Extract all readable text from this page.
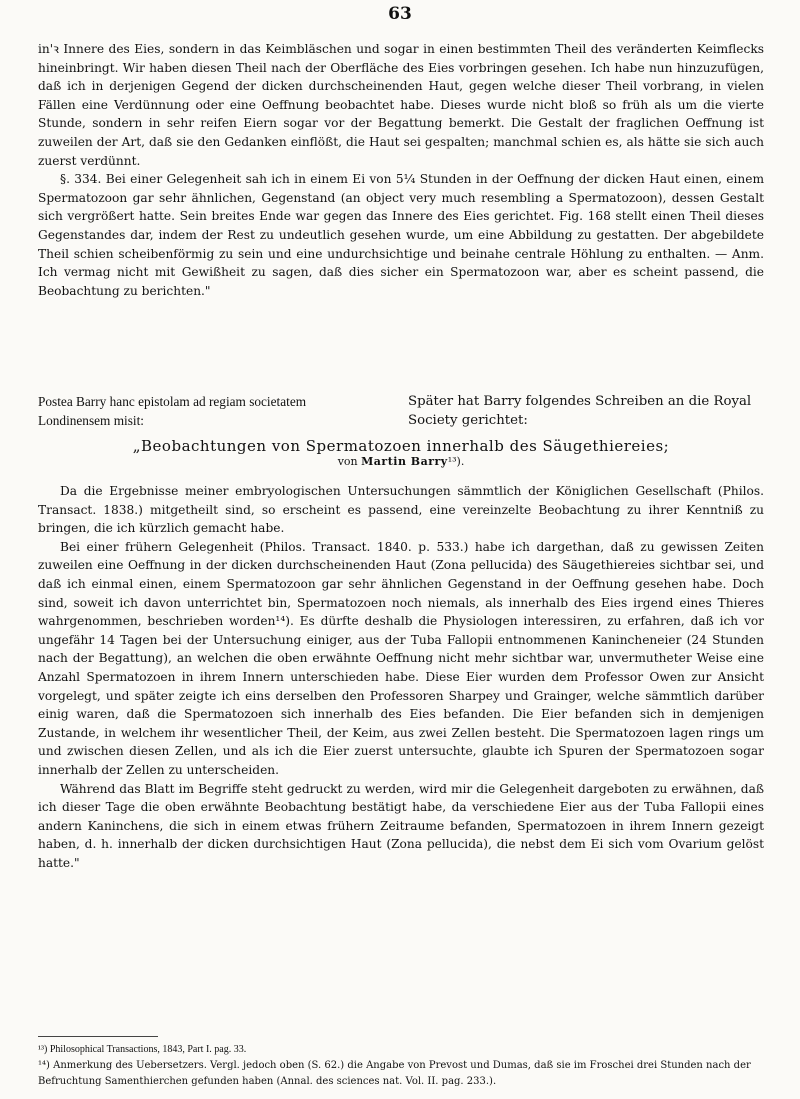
63

in'ꝛ Innere des Eies, sondern in das Keimbläschen und sogar in einen bestimmten Theil des veränderten Keimflecks hineinbringt. Wir haben diesen Theil nach der Oberfläche des Eies vorbringen gesehen. Ich habe nun hinzuzufügen, daß ich in derjenigen Gegend der dicken durchscheinenden Haut, gegen welche dieser Theil vorbrang, in vielen Fällen eine Verdünnung oder eine Oeffnung beobachtet habe. Dieses wurde nicht bloß so früh als um die vierte Stunde, sondern in sehr reifen Eiern sogar vor der Begattung bemerkt. Die Gestalt der fraglichen Oeffnung ist zuweilen der Art, daß sie den Gedanken einflößt, die Haut sei gespalten; manchmal schien es, als hätte sie sich auch zuerst verdünnt.

§. 334. Bei einer Gelegenheit sah ich in einem Ei von 5¼ Stunden in der Oeffnung der dicken Haut einen, einem Spermatozoon gar sehr ähnlichen, Gegenstand (an object very much resembling a Spermatozoon), dessen Gestalt sich vergrößert hatte. Sein breites Ende war gegen das Innere des Eies gerichtet. Fig. 168 stellt einen Theil dieses Gegenstandes dar, indem der Rest zu undeutlich gesehen wurde, um eine Abbildung zu gestatten. Der abgebildete Theil schien scheibenförmig zu sein und eine undurchsichtige und beinahe centrale Höhlung zu enthalten. — Anm. Ich vermag nicht mit Gewißheit zu sagen, daß dies sicher ein Spermatozoon war, aber es scheint passend, die Beobachtung zu berichten."

Postea Barry hanc epistolam ad regiam societatem Londinensem misit:
Später hat Barry folgendes Schreiben an die Royal Society gerichtet:
„Beobachtungen von Spermatozoen innerhalb des Säugethiereies;
von Martin Barry¹³).

Da die Ergebnisse meiner embryologischen Untersuchungen sämmtlich der Königlichen Gesellschaft (Philos. Transact. 1838.) mitgetheilt sind, so erscheint es passend, eine vereinzelte Beobachtung zu ihrer Kenntniß zu bringen, die ich kürzlich gemacht habe.

Bei einer frühern Gelegenheit (Philos. Transact. 1840. p. 533.) habe ich dargethan, daß zu gewissen Zeiten zuweilen eine Oeffnung in der dicken durchscheinenden Haut (Zona pellucida) des Säugethiereies sichtbar sei, und daß ich einmal einen, einem Spermatozoon gar sehr ähnlichen Gegenstand in der Oeffnung gesehen habe. Doch sind, soweit ich davon unterrichtet bin, Spermatozoen noch niemals, als innerhalb des Eies irgend eines Thieres wahrgenommen, beschrieben worden¹⁴). Es dürfte deshalb die Physiologen interessiren, zu erfahren, daß ich vor ungefähr 14 Tagen bei der Untersuchung einiger, aus der Tuba Fallopii entnommenen Kanincheneier (24 Stunden nach der Begattung), an welchen die oben erwähnte Oeffnung nicht mehr sichtbar war, unvermutheter Weise eine Anzahl Spermatozoen in ihrem Innern unterschieden habe. Diese Eier wurden dem Professor Owen zur Ansicht vorgelegt, und später zeigte ich eins derselben den Professoren Sharpey und Grainger, welche sämmtlich darüber einig waren, daß die Spermatozoen sich innerhalb des Eies befanden. Die Eier befanden sich in demjenigen Zustande, in welchem ihr wesentlicher Theil, der Keim, aus zwei Zellen besteht. Die Spermatozoen lagen rings um und zwischen diesen Zellen, und als ich die Eier zuerst untersuchte, glaubte ich Spuren der Spermatozoen sogar innerhalb der Zellen zu unterscheiden.

Während das Blatt im Begriffe steht gedruckt zu werden, wird mir die Gelegenheit dargeboten zu erwähnen, daß ich dieser Tage die oben erwähnte Beobachtung bestätigt habe, da verschiedene Eier aus der Tuba Fallopii eines andern Kaninchens, die sich in einem etwas frühern Zeitraume befanden, Spermatozoen in ihrem Innern gezeigt haben, d. h. innerhalb der dicken durchsichtigen Haut (Zona pellucida), die nebst dem Ei sich vom Ovarium gelöst hatte."

¹³) Philosophical Transactions, 1843, Part I. pag. 33.
¹⁴) Anmerkung des Uebersetzers. Vergl. jedoch oben (S. 62.) die Angabe von Prevost und Dumas, daß sie im Froschei drei Stunden nach der Befruchtung Samenthierchen gefunden haben (Annal. des sciences nat. Vol. II. pag. 233.).
